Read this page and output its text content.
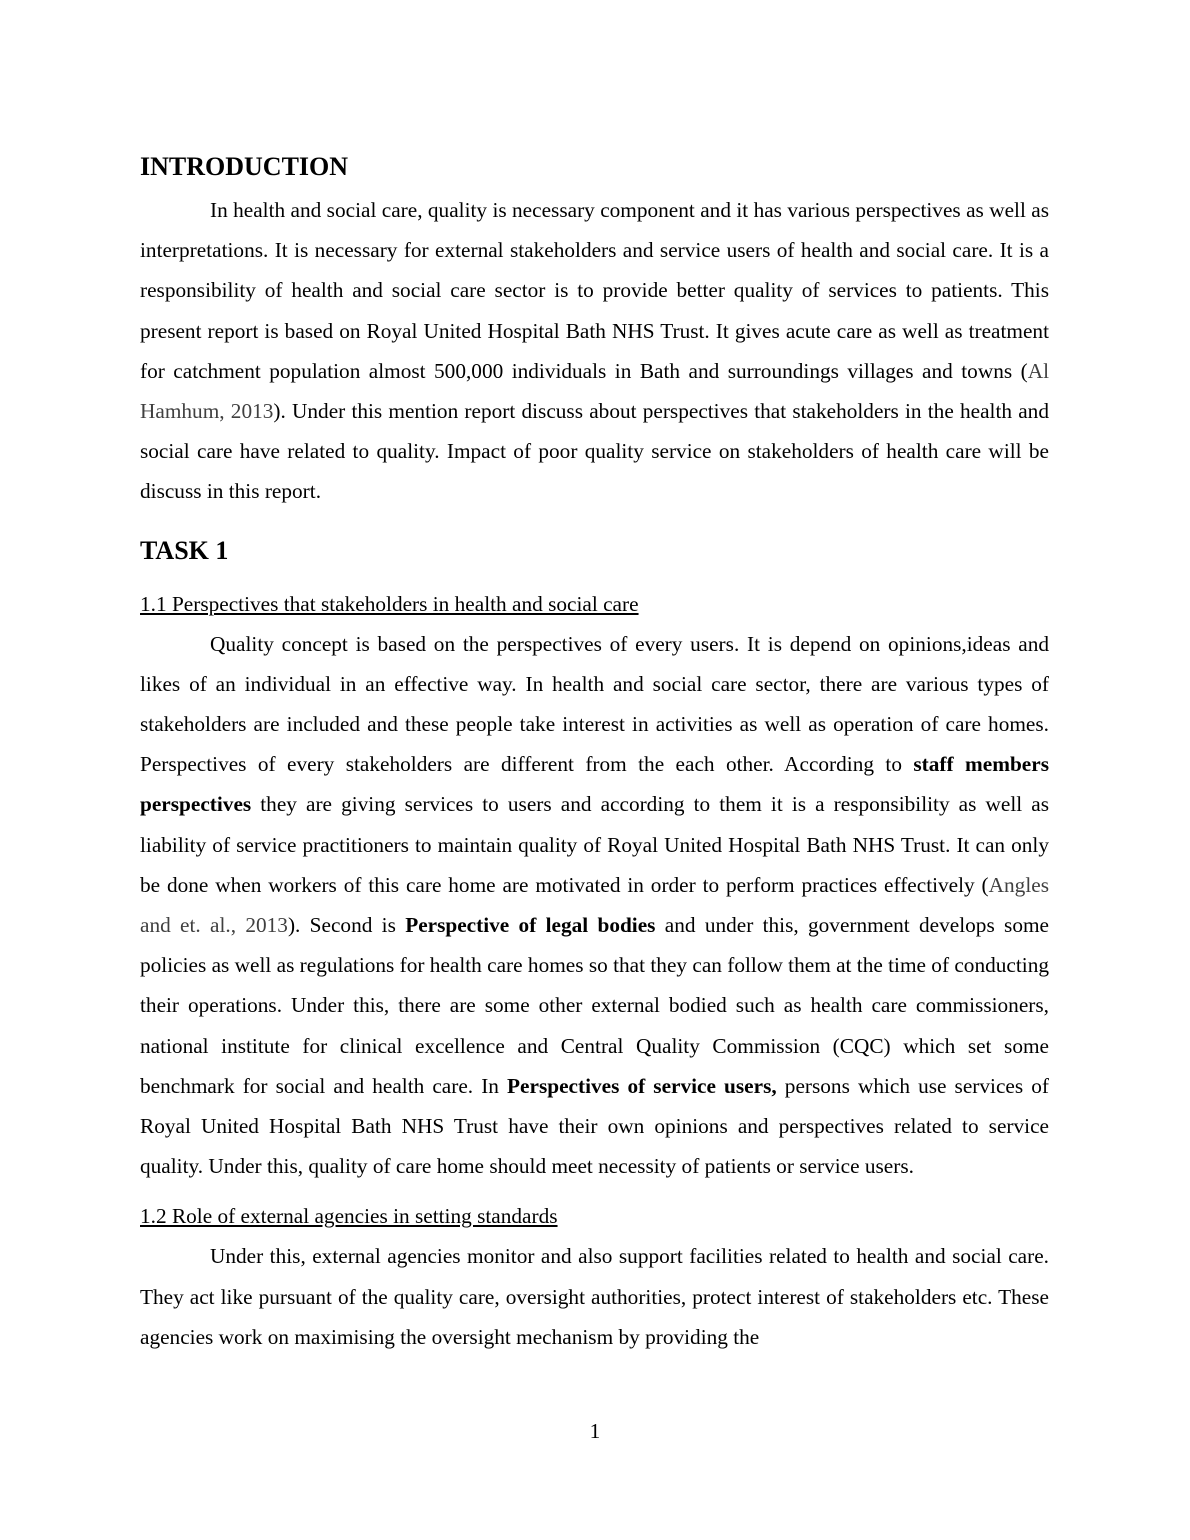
INTRODUCTION

In health and social care, quality is necessary component and it has various perspectives as well as interpretations. It is necessary for external stakeholders and service users of health and social care. It is a responsibility of health and social care sector is to provide better quality of services to patients. This present report is based on Royal United Hospital Bath NHS Trust. It gives acute care as well as treatment for catchment population almost 500,000 individuals in Bath and surroundings villages and towns (Al Hamhum, 2013). Under this mention report discuss about perspectives that stakeholders in the health and social care have related to quality. Impact of poor quality service on stakeholders of health care will be discuss in this report.

TASK 1

1.1 Perspectives that stakeholders in health and social care

Quality concept is based on the perspectives of every users. It is depend on opinions,ideas and likes of an individual in an effective way. In health and social care sector, there are various types of stakeholders are included and these people take interest in activities as well as operation of care homes. Perspectives of every stakeholders are different from the each other. According to staff members perspectives they are giving services to users and according to them it is a responsibility as well as liability of service practitioners to maintain quality of Royal United Hospital Bath NHS Trust. It can only be done when workers of this care home are motivated in order to perform practices effectively (Angles and et. al., 2013). Second is Perspective of legal bodies and under this, government develops some policies as well as regulations for health care homes so that they can follow them at the time of conducting their operations. Under this, there are some other external bodied such as health care commissioners, national institute for clinical excellence and Central Quality Commission (CQC) which set some benchmark for social and health care. In Perspectives of service users, persons which use services of Royal United Hospital Bath NHS Trust have their own opinions and perspectives related to service quality. Under this, quality of care home should meet necessity of patients or service users.

1.2 Role of external agencies in setting standards

Under this, external agencies monitor and also support facilities related to health and social care. They act like pursuant of the quality care, oversight authorities, protect interest of stakeholders etc. These agencies work on maximising the oversight mechanism by providing the

1
